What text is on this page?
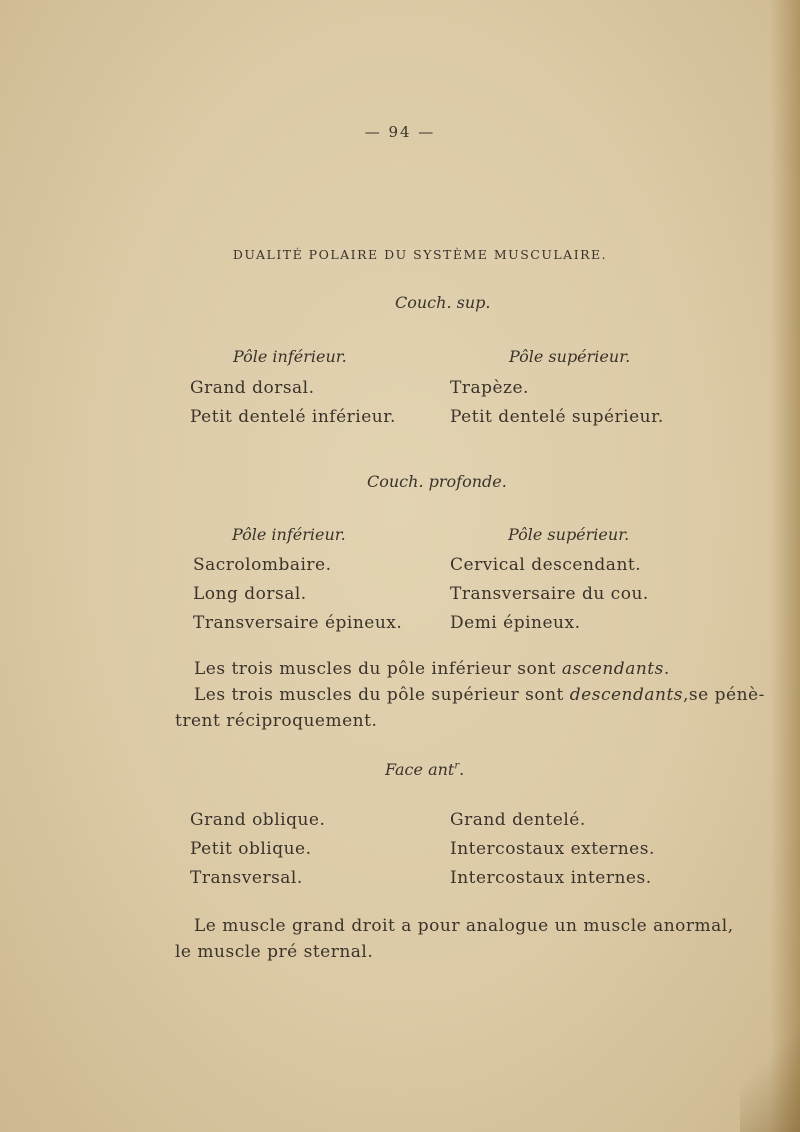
— 94 —
DUALITÉ POLAIRE DU SYSTÈME MUSCULAIRE.
Couch. sup.
Pôle inférieur.	Pôle supérieur.
Grand dorsal.
Petit dentelé inférieur.
Trapèze.
Petit dentelé supérieur.
Couch. profonde.
Pôle inférieur.	Pôle supérieur.
Sacrolombaire.
Long dorsal.
Transversaire épineux.
Cervical descendant.
Transversaire du cou.
Demi épineux.
Les trois muscles du pôle inférieur sont ascendants.
Les trois muscles du pôle supérieur sont descendants,se pénè-
trent réciproquement.
Face ant$^r$.
Grand oblique.
Petit oblique.
Transversal.
Grand dentelé.
Intercostaux externes.
Intercostaux internes.
Le muscle grand droit a pour analogue un muscle anormal,
le muscle pré sternal.
